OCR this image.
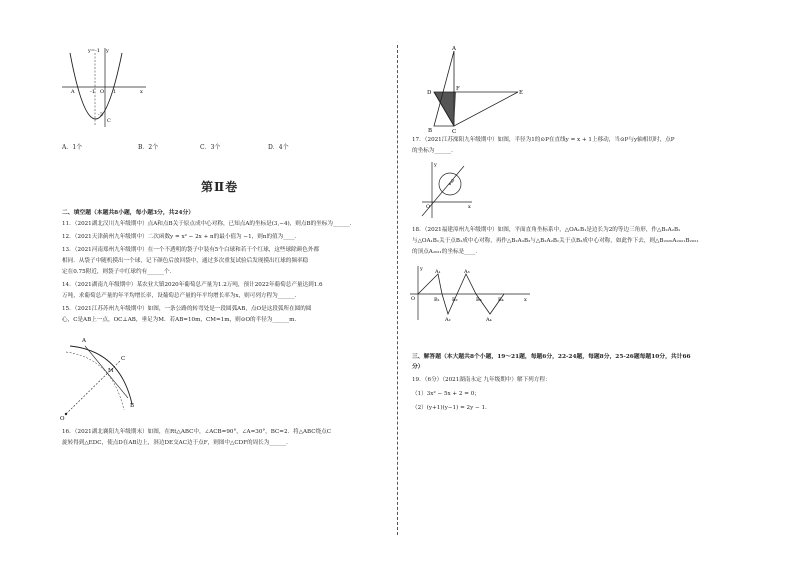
y=-1 y
A	-1 O 1	x
-3
C
A．1个	B．2个	C．3个	D．4个
第Ⅱ卷
二、填空题（本题共8小题，每小题3分，共24分）
11．（2021湖北汉川九年级期中）点A和点B关于原点成中心对称，已知点A的坐标是(3,−4)，则点B的坐标为______．
12．（2021天津蓟州九年级期中）二次函数y = x² − 2x + n的最小值为 −1，则n的值为____．
13．（2021河南郑州九年级期中）在一个不透明的袋子中装有5个白球和若干个红球，这些球除颜色外都
相同．从袋子中随机摸出一个球，记下颜色后放回袋中，通过多次重复试验后发现摸出红球的频率稳
定在0.75附近，则袋子中红球约有______个．
14．（2021湖南九年级期中）某农业大镇2020年葡萄总产量为1.2万吨，预计2022年葡萄总产量达到1.6
万吨，求葡萄总产量的年平均增长率，设葡萄总产量的年平均增长率为x，则可列方程为______．
15．（2021江苏苏州九年级期中）如图，一条公路的转弯处是一段圆弧AB，点O是这段弧所在圆的圆
心，C是AB上一点，OC⊥AB，垂足为M．若AB=10m，CM=1m，则⊙O的半径为______m．
A
C
M
B
O
16．（2021湖北襄阳九年级期末）如图，在Rt△ABC中，∠ACB=90°，∠A=30°，BC=2．将△ABC绕点C
旋转得到△EDC，使点D在AB边上，斜边DE交AC边于点F，则图中△CDF的周长为______．
A
D
F
E
B	C
17．（2021江苏溧阳九年级期中）如图，半径为1的⊙P在直线y = x + 1上移动，当⊙P与y轴相切时，点P
的坐标为______．
y
P
x
O
18．（2021福建漳州九年级期中）如图，平面直角坐标系中，△OA₁B₁是边长为2的等边三角形，作△B₂A₂B₁
与△OA₁B₁关于点B₁成中心对称，再作△B₂A₃B₃与△B₂A₂B₁关于点B₂成中心对称，如此作下去，则△B₂₀₂₀A₂₀₂₁B₂₀₂₁
的顶点A₂₀₂₁的坐标是____．
y A₁	A₃
O	B₁ B₂	B₃	B₄	x
A₂	A₄
三、解答题（本大题共8个小题，19～21题，每题6分，22-24题，每题8分，25-26题每题10分，共计66
分）
19．（6分）（2021湖南永定 九年级期中）解下列方程：
（1）3x² − 5x + 2 = 0；
（2）(y+1)(y−1) = 2y − 1．
